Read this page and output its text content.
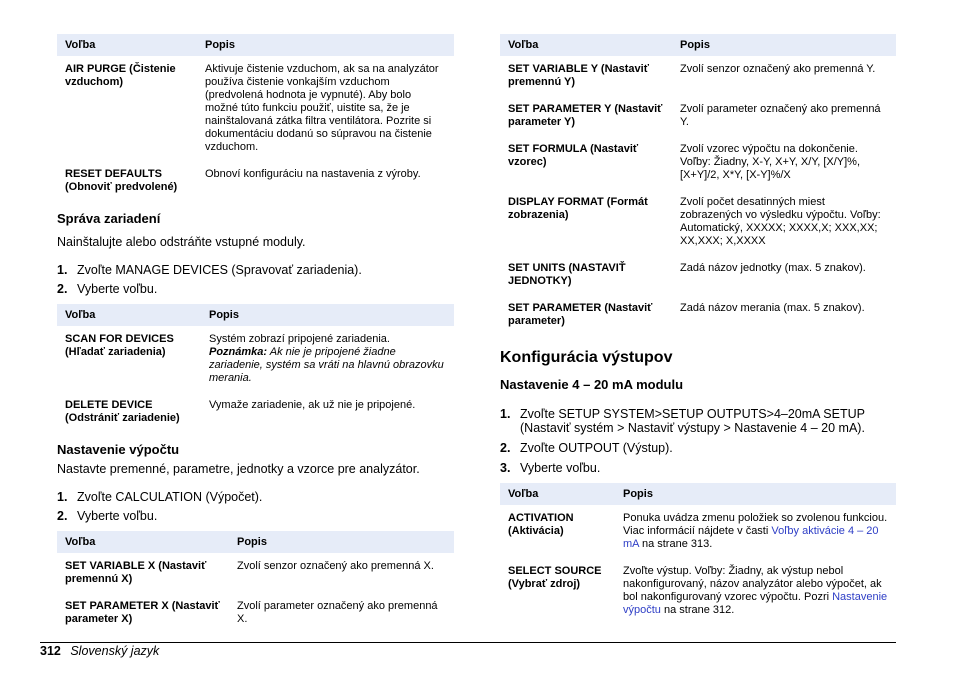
Voľba	Popis
AIR PURGE (Čistenie vzduchom)	Aktivuje čistenie vzduchom, ak sa na analyzátor používa čistenie vonkajším vzduchom (predvolená hodnota je vypnuté). Aby bolo možné túto funkciu použiť, uistite sa, že je nainštalovaná zátka filtra ventilátora. Pozrite si dokumentáciu dodanú so súpravou na čistenie vzduchom.
RESET DEFAULTS (Obnoviť predvolené)	Obnoví konfiguráciu na nastavenia z výroby.

Správa zariadení

Nainštalujte alebo odstráňte vstupné moduly.

1. Zvoľte MANAGE DEVICES (Spravovať zariadenia).
2. Vyberte voľbu.
Voľba	Popis
SCAN FOR DEVICES (Hľadať zariadenia)	Systém zobrazí pripojené zariadenia.
Poznámka: Ak nie je pripojené žiadne zariadenie, systém sa vráti na hlavnú obrazovku merania.
DELETE DEVICE (Odstrániť zariadenie)	Vymaže zariadenie, ak už nie je pripojené.

Nastavenie výpočtu

Nastavte premenné, parametre, jednotky a vzorce pre analyzátor.

1. Zvoľte CALCULATION (Výpočet).
2. Vyberte voľbu.
Voľba	Popis
SET VARIABLE X (Nastaviť premennú X)	Zvolí senzor označený ako premenná X.
SET PARAMETER X (Nastaviť parameter X)	Zvolí parameter označený ako premenná X.
Voľba	Popis
SET VARIABLE Y (Nastaviť premennú Y)	Zvolí senzor označený ako premenná Y.
SET PARAMETER Y (Nastaviť parameter Y)	Zvolí parameter označený ako premenná Y.
SET FORMULA (Nastaviť vzorec)	Zvolí vzorec výpočtu na dokončenie. Voľby: Žiadny, X-Y, X+Y, X/Y, [X/Y]%, [X+Y]/2, X*Y, [X-Y]%/X
DISPLAY FORMAT (Formát zobrazenia)	Zvolí počet desatinných miest zobrazených vo výsledku výpočtu. Voľby: Automatický, XXXXX; XXXX,X; XXX,XX; XX,XXX; X,XXXX
SET UNITS (NASTAVIŤ JEDNOTKY)	Zadá názov jednotky (max. 5 znakov).
SET PARAMETER (Nastaviť parameter)	Zadá názov merania (max. 5 znakov).

Konfigurácia výstupov

Nastavenie 4 – 20 mA modulu

1. Zvoľte SETUP SYSTEM>SETUP OUTPUTS>4–20mA SETUP (Nastaviť systém > Nastaviť výstupy > Nastavenie 4 – 20 mA).
2. Zvoľte OUTPOUT (Výstup).
3. Vyberte voľbu.
Voľba	Popis
ACTIVATION (Aktivácia)	Ponuka uvádza zmenu položiek so zvolenou funkciou. Viac informácií nájdete v časti Voľby aktivácie 4 – 20 mA na strane 313.
SELECT SOURCE (Vybrať zdroj)	Zvoľte výstup. Voľby: Žiadny, ak výstup nebol nakonfigurovaný, názov analyzátor alebo výpočet, ak bol nakonfigurovaný vzorec výpočtu. Pozri Nastavenie výpočtu na strane 312.
312 Slovenský jazyk
